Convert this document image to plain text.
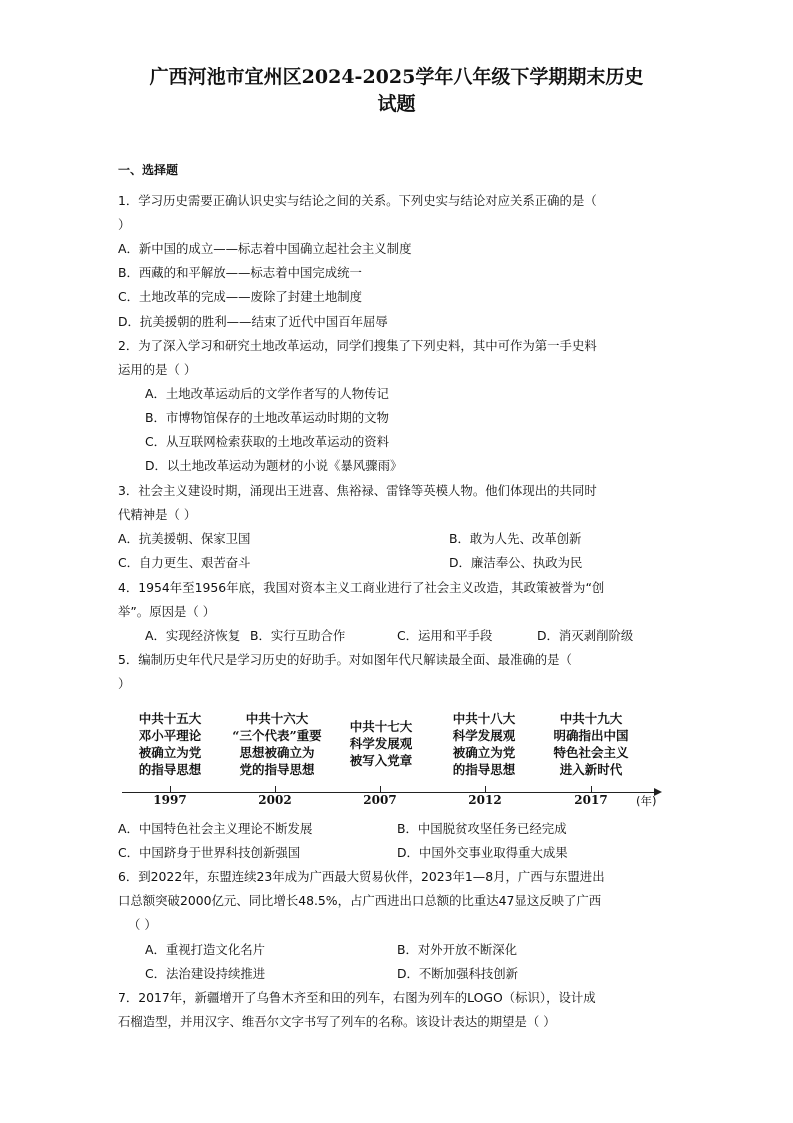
广西河池市宜州区2024-2025学年八年级下学期期末历史
试题
一、选择题
1．学习历史需要正确认识史实与结论之间的关系。下列史实与结论对应关系正确的是（
）
A．新中国的成立——标志着中国确立起社会主义制度
B．西藏的和平解放——标志着中国完成统一
C．土地改革的完成——废除了封建土地制度
D．抗美援朝的胜利——结束了近代中国百年屈辱
2．为了深入学习和研究土地改革运动，同学们搜集了下列史料，其中可作为第一手史料
运用的是（ ）
A．土地改革运动后的文学作者写的人物传记
B．市博物馆保存的土地改革运动时期的文物
C．从互联网检索获取的土地改革运动的资料
D．以土地改革运动为题材的小说《暴风骤雨》
3．社会主义建设时期，涌现出王进喜、焦裕禄、雷锋等英模人物。他们体现出的共同时
代精神是（ ）
A．抗美援朝、保家卫国	B．敢为人先、改革创新
C．自力更生、艰苦奋斗	D．廉洁奉公、执政为民
4．1954年至1956年底，我国对资本主义工商业进行了社会主义改造，其政策被誉为“创
举”。原因是（ ）
A．实现经济恢复 B．实行互助合作	C．运用和平手段	D．消灭剥削阶级
5．编制历史年代尺是学习历史的好助手。对如图年代尺解读最全面、最准确的是（
）
中共十五大
邓小平理论
被确立为党
的指导思想
中共十六大
“三个代表”重要
思想被确立为
党的指导思想
中共十七大
科学发展观
被写入党章
中共十八大
科学发展观
被确立为党
的指导思想
中共十九大
明确指出中国
特色社会主义
进入新时代
1997	2002	2007	2012	2017	(年)
A．中国特色社会主义理论不断发展	B．中国脱贫攻坚任务已经完成
C．中国跻身于世界科技创新强国	D．中国外交事业取得重大成果
6．到2022年，东盟连续23年成为广西最大贸易伙伴，2023年1—8月，广西与东盟进出
口总额突破2000亿元、同比增长48.5%，占广西进出口总额的比重达47显这反映了广西
（ ）
A．重视打造文化名片	B．对外开放不断深化
C．法治建设持续推进	D．不断加强科技创新
7．2017年，新疆增开了乌鲁木齐至和田的列车，右图为列车的LOGO（标识），设计成
石榴造型，并用汉字、维吾尔文字书写了列车的名称。该设计表达的期望是（ ）
